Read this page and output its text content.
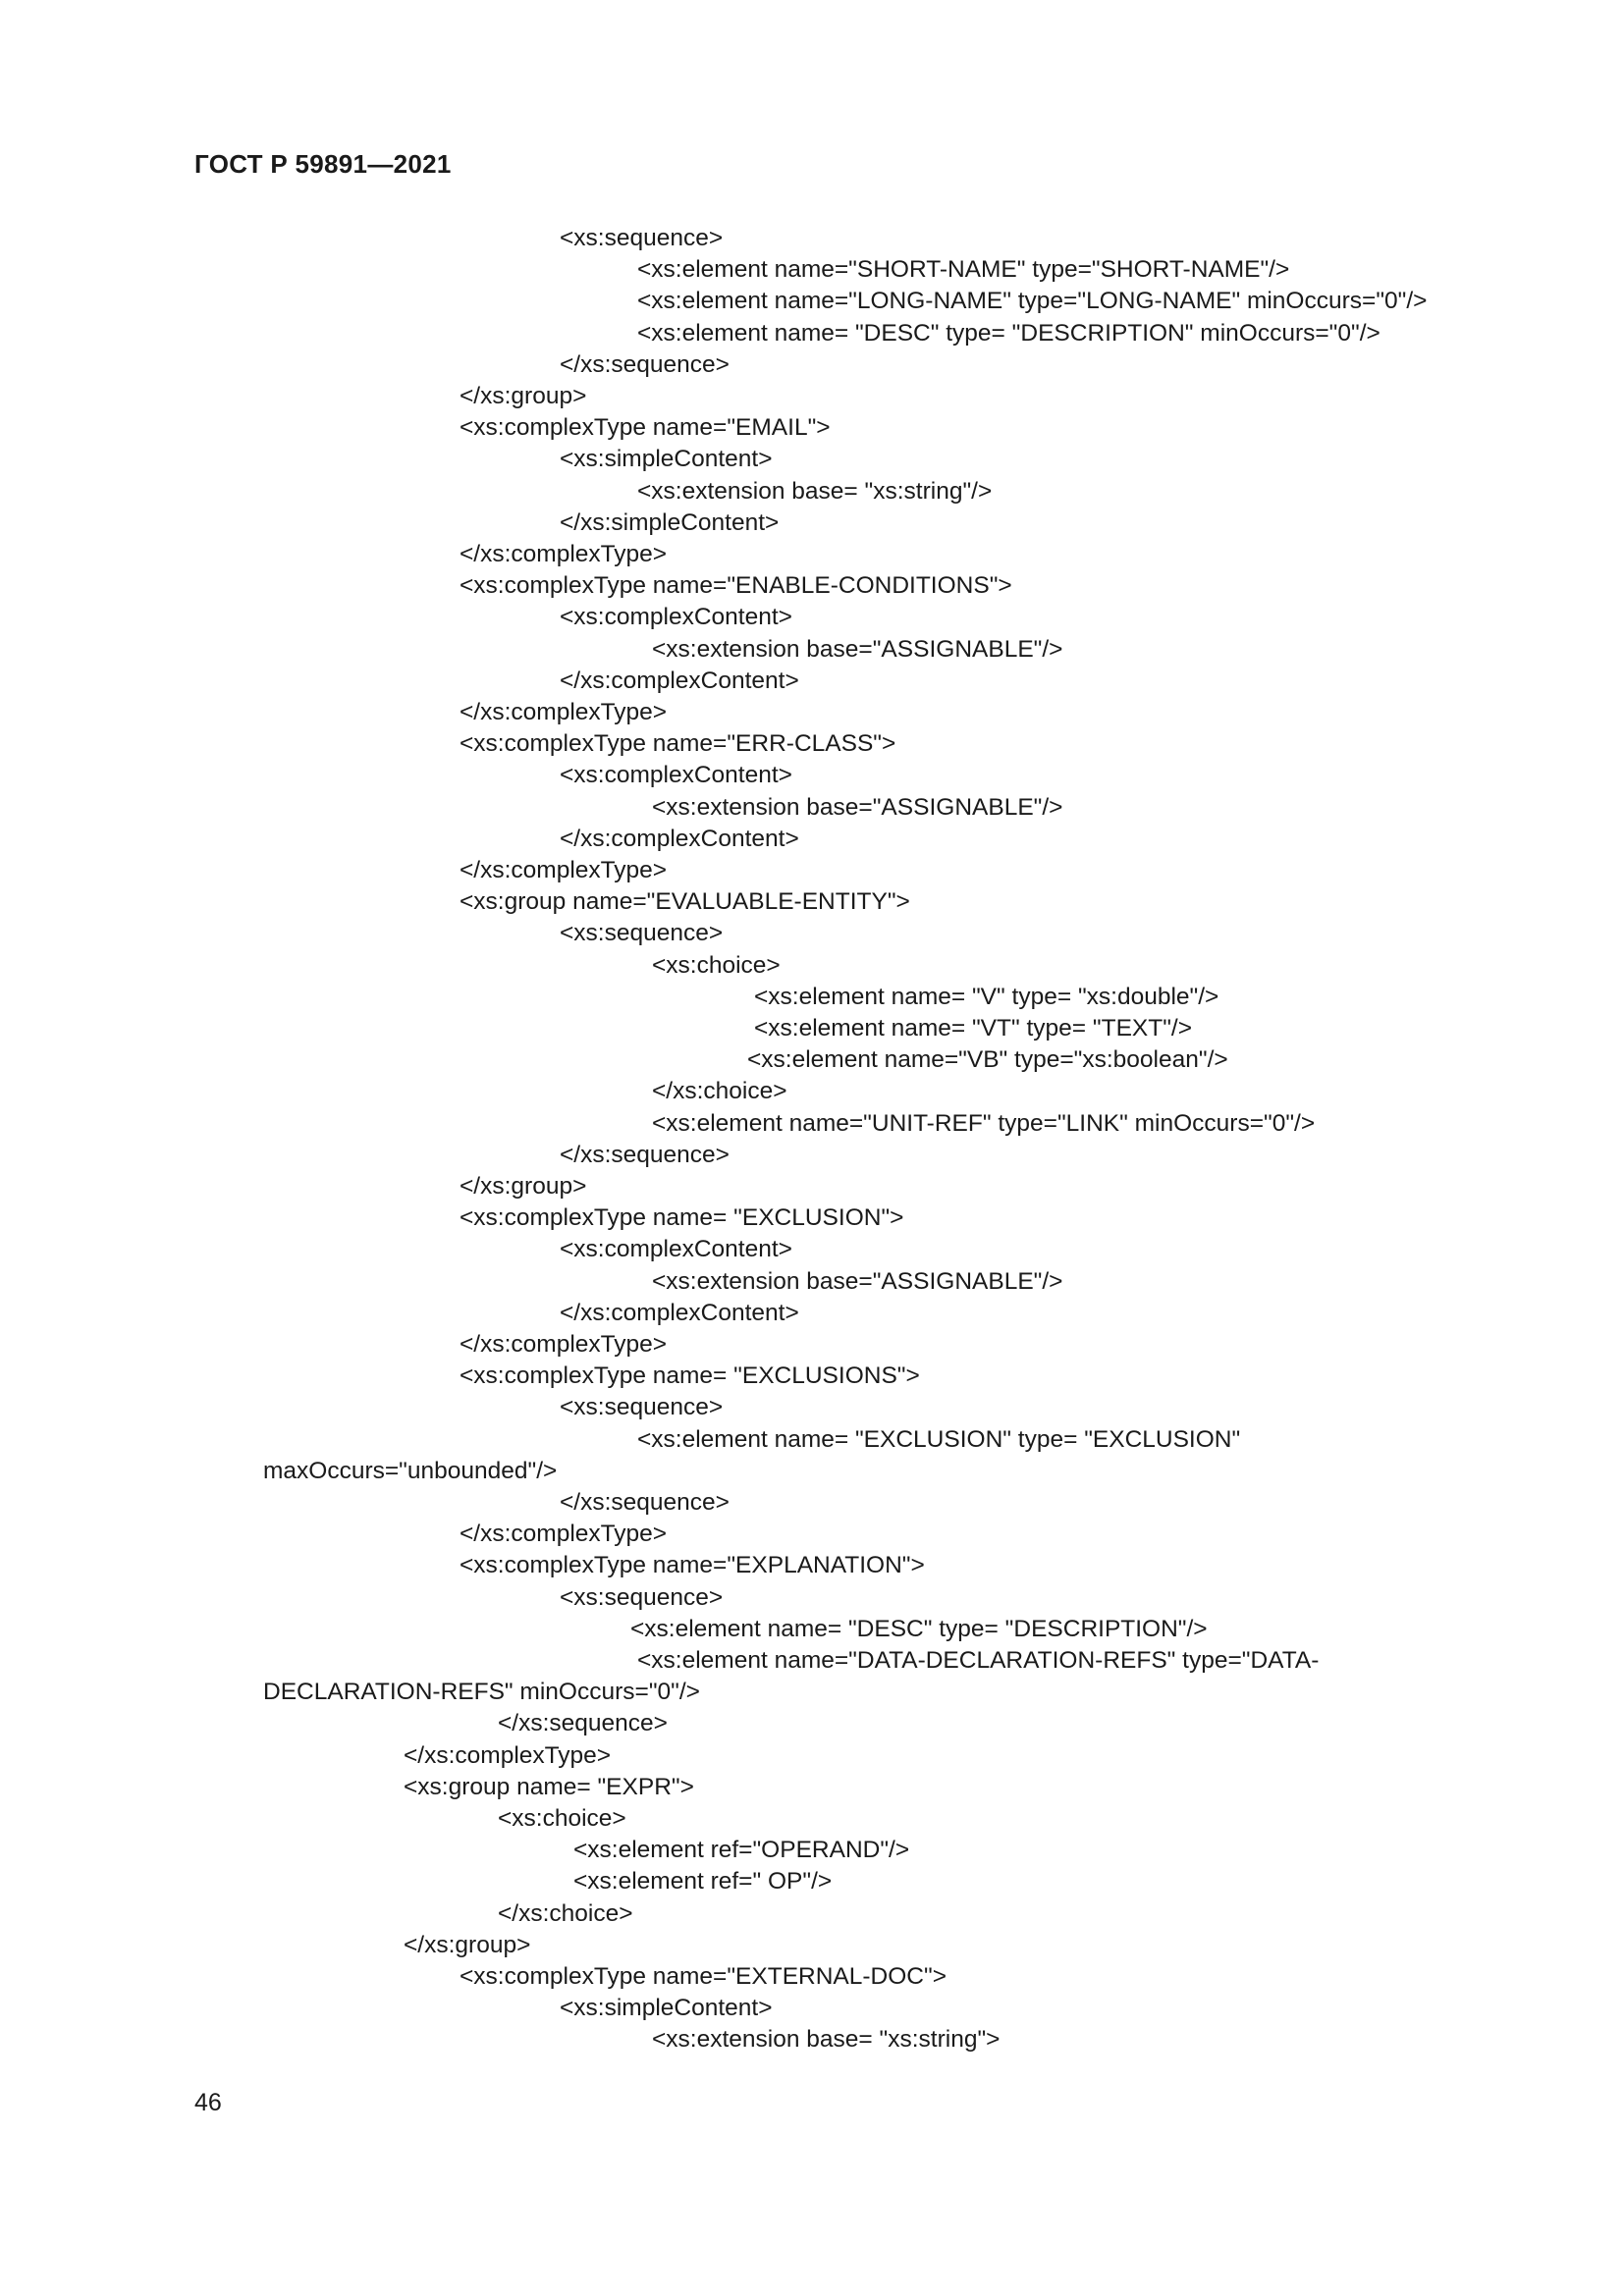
ГОСТ Р 59891—2021
<xs:sequence>
<xs:element name="SHORT-NAME" type="SHORT-NAME"/>
<xs:element name="LONG-NAME" type="LONG-NAME" minOccurs="0"/>
<xs:element name= "DESC" type= "DESCRIPTION" minOccurs="0"/>
</xs:sequence>
</xs:group>
<xs:complexType name="EMAIL">
<xs:simpleContent>
<xs:extension base= "xs:string"/>
</xs:simpleContent>
</xs:complexType>
<xs:complexType name="ENABLE-CONDITIONS">
<xs:complexContent>
<xs:extension base="ASSIGNABLE"/>
</xs:complexContent>
</xs:complexType>
<xs:complexType name="ERR-CLASS">
<xs:complexContent>
<xs:extension base="ASSIGNABLE"/>
</xs:complexContent>
</xs:complexType>
<xs:group name="EVALUABLE-ENTITY">
<xs:sequence>
<xs:choice>
<xs:element name= "V" type= "xs:double"/>
<xs:element name= "VT" type= "TEXT"/>
<xs:element name="VB" type="xs:boolean"/>
</xs:choice>
<xs:element name="UNIT-REF" type="LINK" minOccurs="0"/>
</xs:sequence>
</xs:group>
<xs:complexType name= "EXCLUSION">
<xs:complexContent>
<xs:extension base="ASSIGNABLE"/>
</xs:complexContent>
</xs:complexType>
<xs:complexType name= "EXCLUSIONS">
<xs:sequence>
<xs:element name= "EXCLUSION" type= "EXCLUSION"
maxOccurs="unbounded"/>
</xs:sequence>
</xs:complexType>
<xs:complexType name="EXPLANATION">
<xs:sequence>
<xs:element name= "DESC" type= "DESCRIPTION"/>
<xs:element name="DATA-DECLARATION-REFS" type="DATA-
DECLARATION-REFS" minOccurs="0"/>
</xs:sequence>
</xs:complexType>
<xs:group name= "EXPR">
<xs:choice>
<xs:element ref="OPERAND"/>
<xs:element ref=" OP"/>
</xs:choice>
</xs:group>
<xs:complexType name="EXTERNAL-DOC">
<xs:simpleContent>
<xs:extension base= "xs:string">
46
